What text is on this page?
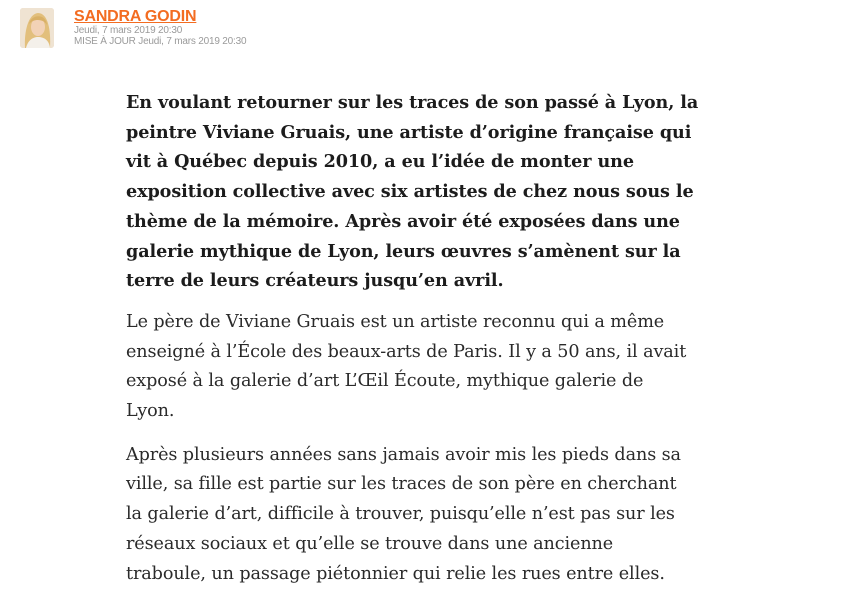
SANDRA GODIN
Jeudi, 7 mars 2019 20:30
MISE À JOUR Jeudi, 7 mars 2019 20:30

En voulant retourner sur les traces de son passé à Lyon, la
peintre Viviane Gruais, une artiste d’origine française qui
vit à Québec depuis 2010, a eu l’idée de monter une
exposition collective avec six artistes de chez nous sous le
thème de la mémoire. Après avoir été exposées dans une
galerie mythique de Lyon, leurs œuvres s’amènent sur la
terre de leurs créateurs jusqu’en avril.

Le père de Viviane Gruais est un artiste reconnu qui a même
enseigné à l’École des beaux-arts de Paris. Il y a 50 ans, il avait
exposé à la galerie d’art L’Œil Écoute, mythique galerie de
Lyon.

Après plusieurs années sans jamais avoir mis les pieds dans sa
ville, sa fille est partie sur les traces de son père en cherchant
la galerie d’art, difficile à trouver, puisqu’elle n’est pas sur les
réseaux sociaux et qu’elle se trouve dans une ancienne
traboule, un passage piétonnier qui relie les rues entre elles.
